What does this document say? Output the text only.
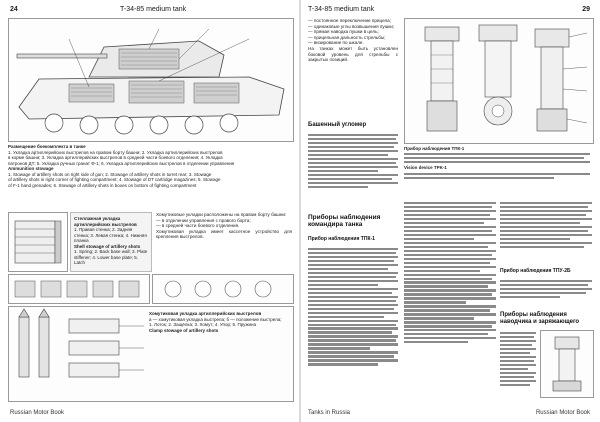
24	T-34-85 medium tank
Размещение боекомплекта в танке
1. Укладка артиллерийских выстрелов на правом борту башни; 2. Укладка артиллерийских выстрелов
в корме башни; 3. Укладка артиллерийских выстрелов в средней части боевого отделения; 4. Укладка
патронов ДТ; 5. Укладка ручных гранат Ф-1; 6. Укладка артиллерийских выстрелов в отделении управления
Ammunition stowage
1. Stowage of artillery shots on right side of gun; 2. Stowage of artillery shots in turret rear; 3. Stowage
of artillery shots in right corner of fighting compartment; 4. Stowage of DT cartridge magazines; 5. Stowage
of F-1 hand grenades; 6. Stowage of artillery shots in boxes on bottom of fighting compartment
Стеллажная укладка артиллерийских выстрелов
1. Правая стенка; 2. Задняя стенка; 3. Левая стенка; 4. Нижняя планка
Shell stowage of artillery shots
1. Spring; 2. Back base wall; 3. Plate stiffener; 4. Lower base plate; 5. Latch
Хомутиковые укладки расположены на правом борту башни:
— в отделении управления с правого борта;
— в средней части боевого отделения.
Хомутиковая укладка имеет кассетное устройство для крепления выстрелов.
Хомутиковая укладка артиллерийских выстрелов
а — хомутиковая укладка выстрела; б — положение выстрела;
1. Лоток; 2. Защёлка; 3. Хомут; 4. Упор; 5. Пружина
Clamp stowage of artillery shots
Russian Motor Book
T-34-85 medium tank	29
— постоянное переключение прицела;
— одинаковые углы возвышения пушки;
— прямая наводка пушки в цель;
— прицельная дальность стрельбы;
— визирование по шкале.
На танках может быть установлен боковой уровень для стрельбы с закрытых позиций.
Башенный угломер
Приборы наблюдения командира танка
Прибор наблюдения ТПК-1
Прибор наблюдения ТПК-1

Vision device TPK-1

Прибор наблюдения ТПУ-2Б
Приборы наблюдения наводчика и заряжающего
Tanks in Russia	Russian Motor Book
